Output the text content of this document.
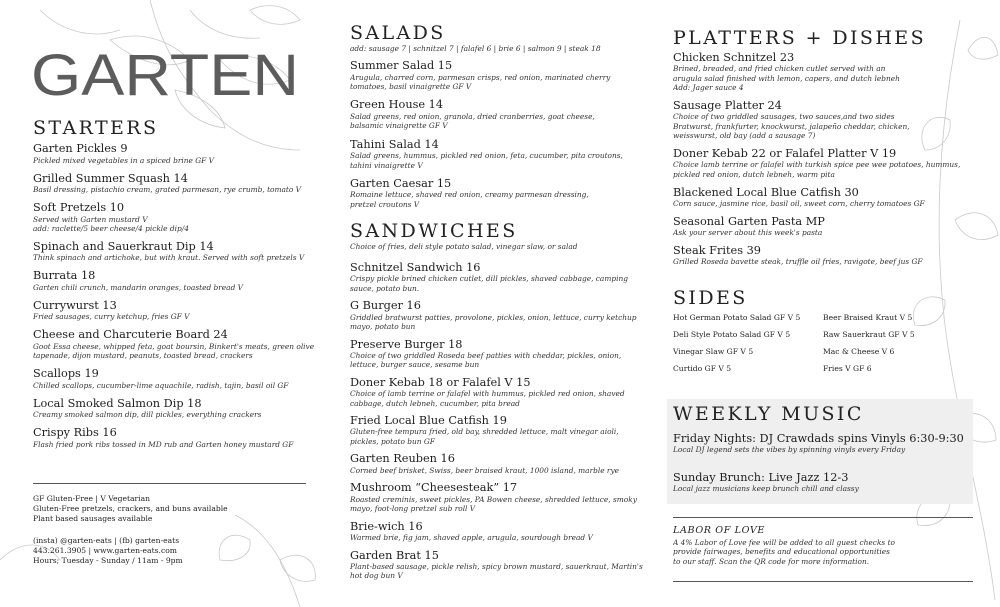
GARTEN
STARTERS
Garten Pickles 9
Pickled mixed vegetables in a spiced brine GF V
Grilled Summer Squash 14
Basil dressing, pistachio cream, grated parmesan, rye crumb, tomato V
Soft Pretzels 10
Served with Garten mustard V
add: raclette/5 beer cheese/4 pickle dip/4
Spinach and Sauerkraut Dip 14
Think spinach and artichoke, but with kraut. Served with soft pretzels V
Burrata 18
Garten chili crunch, mandarin oranges, toasted bread V
Currywurst 13
Fried sausages, curry ketchup, fries GF V
Cheese and Charcuterie Board 24
Goot Essa cheese, whipped feta, goat boursin, Binkert's meats, green olive
tapenade, dijon mustard, peanuts, toasted bread, crackers
Scallops 19
Chilled scallops, cucumber-lime aquachile, radish, tajin, basil oil GF
Local Smoked Salmon Dip 18
Creamy smoked salmon dip, dill pickles, everything crackers
Crispy Ribs 16
Flash fried pork ribs tossed in MD rub and Garten honey mustard GF
GF Gluten-Free | V Vegetarian
Gluten-Free pretzels, crackers, and buns available
Plant based sausages available
(insta) @garten-eats | (fb) garten-eats
443.261.3905 | www.garten-eats.com
Hours; Tuesday - Sunday / 11am - 9pm
SALADS
add: sausage 7 | schnitzel 7 | falafel 6 | brie 6 | salmon 9 | steak 18
Summer Salad 15
Arugula, charred corn, parmesan crisps, red onion, marinated cherry
tomatoes, basil vinaigrette GF V
Green House 14
Salad greens, red onion, granola, dried cranberries, goat cheese,
balsamic vinaigrette GF V
Tahini Salad 14
Salad greens, hummus, pickled red onion, feta, cucumber, pita croutons,
tahini vinaigrette V
Garten Caesar 15
Romaine lettuce, shaved red onion, creamy parmesan dressing,
pretzel croutons V
SANDWICHES
Choice of fries, deli style potato salad, vinegar slaw, or salad
Schnitzel Sandwich 16
Crispy pickle brined chicken cutlet, dill pickles, shaved cabbage, camping
sauce, potato bun.
G Burger 16
Griddled bratwurst patties, provolone, pickles, onion, lettuce, curry ketchup
mayo, potato bun
Preserve Burger 18
Choice of two griddled Roseda beef patties with cheddar, pickles, onion,
lettuce, burger sauce, sesame bun
Doner Kebab 18 or Falafel V 15
Choice of lamb terrine or falafel with hummus, pickled red onion, shaved
cabbage, dutch lebneh, cucumber, pita bread
Fried Local Blue Catfish 19
Gluten-free tempura fried, old bay, shredded lettuce, malt vinegar aioli,
pickles, potato bun GF
Garten Reuben 16
Corned beef brisket, Swiss, beer braised kraut, 1000 island, marble rye
Mushroom “Cheesesteak” 17
Roasted creminis, sweet pickles, PA Bowen cheese, shredded lettuce, smoky
mayo, foot-long pretzel sub roll V
Brie-wich 16
Warmed brie, fig jam, shaved apple, arugula, sourdough bread V
Garden Brat 15
Plant-based sausage, pickle relish, spicy brown mustard, sauerkraut, Martin's
hot dog bun V
PLATTERS + DISHES
Chicken Schnitzel 23
Brined, breaded, and fried chicken cutlet served with an
arugula salad finished with lemon, capers, and dutch lebneh
Add: Jager sauce 4
Sausage Platter 24
Choice of two griddled sausages, two sauces,and two sides
Bratwurst, frankfurter, knockwurst, jalapeño cheddar, chicken,
weisswurst, old bay (add a sausage 7)
Doner Kebab 22 or Falafel Platter V 19
Choice lamb terrine or falafel with turkish spice pee wee potatoes, hummus,
pickled red onion, dutch lebneh, warm pita
Blackened Local Blue Catfish 30
Corn sauce, jasmine rice, basil oil, sweet corn, cherry tomatoes GF
Seasonal Garten Pasta MP
Ask your server about this week's pasta
Steak Frites 39
Grilled Roseda bavette steak, truffle oil fries, ravigote, beef jus GF
SIDES
Hot German Potato Salad GF V 5
Deli Style Potato Salad GF V 5
Vinegar Slaw GF V 5
Curtido GF V 5
Beer Braised Kraut V 5
Raw Sauerkraut GF V 5
Mac & Cheese V 6
Fries V GF 6
WEEKLY MUSIC
Friday Nights: DJ Crawdads spins Vinyls 6:30-9:30
Local DJ legend sets the vibes by spinning vinyls every Friday
Sunday Brunch: Live Jazz 12-3
Local jazz musicians keep brunch chill and classy
LABOR OF LOVE
A 4% Labor of Love fee will be added to all guest checks to
provide fairwages, benefits and educational opportunities
to our staff. Scan the QR code for more information.
